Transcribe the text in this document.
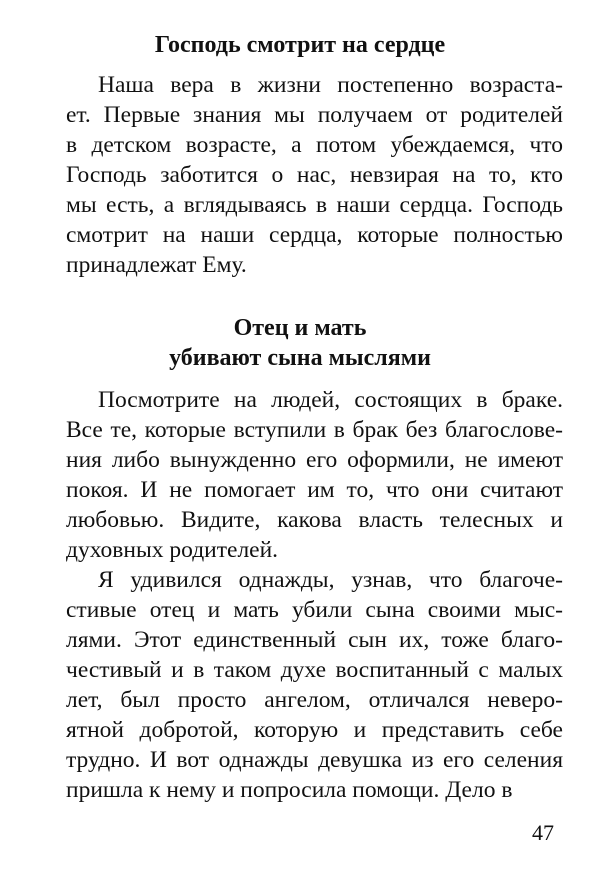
Господь смотрит на сердце
Наша вера в жизни постепенно возраста-
ет. Первые знания мы получаем от родителей
в детском возрасте, а потом убеждаемся, что
Господь заботится о нас, невзирая на то, кто
мы есть, а вглядываясь в наши сердца. Господь
смотрит на наши сердца, которые полностью
принадлежат Ему.
Отец и мать
убивают сына мыслями
Посмотрите на людей, состоящих в браке.
Все те, которые вступили в брак без благослове-
ния либо вынужденно его оформили, не имеют
покоя. И не помогает им то, что они считают
любовью. Видите, какова власть телесных и
духовных родителей.
Я удивился однажды, узнав, что благоче-
стивые отец и мать убили сына своими мыс-
лями. Этот единственный сын их, тоже благо-
честивый и в таком духе воспитанный с малых
лет, был просто ангелом, отличался неверо-
ятной добротой, которую и представить себе
трудно. И вот однажды девушка из его селения
пришла к нему и попросила помощи. Дело в
47
